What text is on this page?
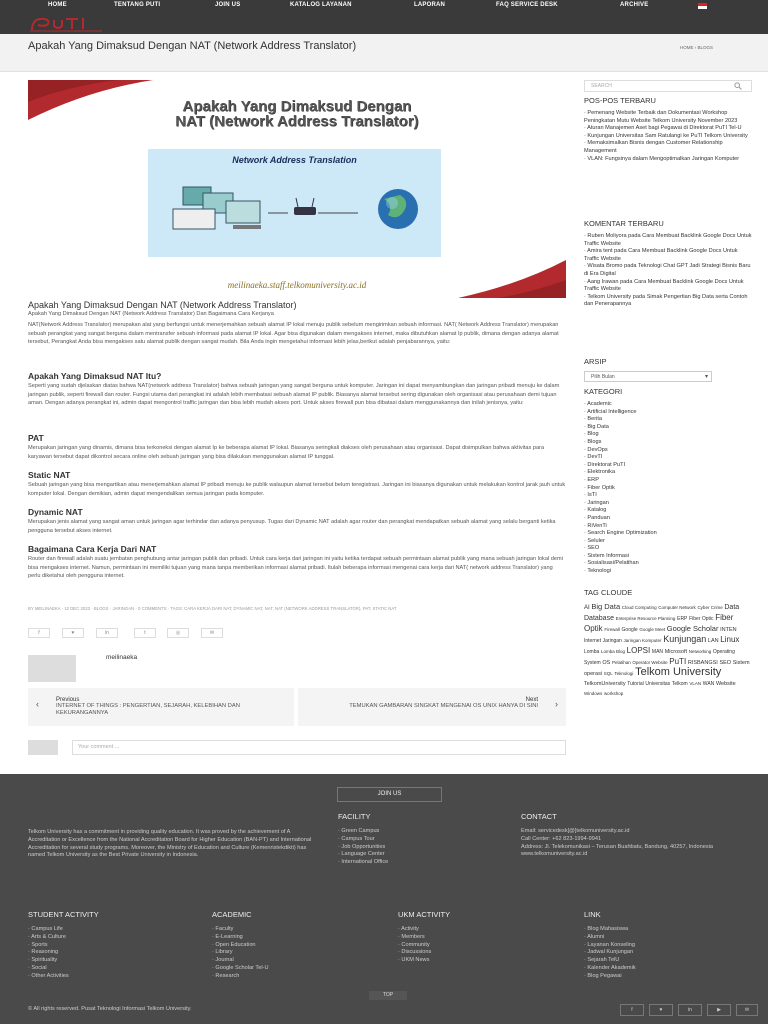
HOME	TENTANG PUTI	JOIN US	KATALOG LAYANAN	LAPORAN	FAQ SERVICE DESK	ARCHIVE
Apakah Yang Dimaksud Dengan NAT (Network Address Translator)	HOME › BLOGS
Apakah Yang Dimaksud Dengan
NAT (Network Address Translator)
Network Address Translation
meilinaeka.staff.telkomuniversity.ac.id
Apakah Yang Dimaksud Dengan NAT (Network Address Translator)
Apakah Yang Dimaksud Dengan NAT (Network Address Translator) Dan Bagaimana Cara Kerjanya
NAT(Network Address Translator) merupakan alat yang berfungsi untuk menerjemahkan sebuah alamat IP lokal menuju publik sebelum mengirimkan sebuah informasi. NAT( Network Address Translator) merupakan sebuah perangkat yang sangat berguna dalam mentransfer sebuah informasi pada alamat IP lokal. Agar bisa digunakan dalam mengakses internet, maka dibutuhkan alamat Ip publik, dimana dengan adanya alamat tersebut, Perangkat Anda bisa mengakses satu alamat publik dengan sangat mudah. Bila Anda ingin mengetahui informasi lebih jelas,berikut adalah penjabarannya, yaitu:
Apakah Yang Dimaksud NAT Itu?
Seperti yang sudah djelaskan diatas bahwa NAT(network address Translator) bahwa sebuah jaringan yang sangat berguna untuk komputer. Jaringan ini dapat menyambungkan dan jaringan pribadi menuju ke dalam jaringan publik, seperti firewall dan router. Fungsi utama dari perangkat ini adalah lebih membatasi sebuah alamat IP publik. Biasanya alamat tersebut sering digunakan oleh organisasi atau perusahaan demi tujuan aman. Dengan adanya perangkat ini, admin dapat mengontrol traffic jaringan dan bisa lebih mudah akses port. Untuk akses firewall pun bisa dibatasi dalam menggunakannya dan inilah jenisnya, yaitu:
PAT
Merupakan jaringan yang dinamis, dimana bisa terkoneksi dengan alamat Ip ke beberapa alamat IP lokal. Biasanya seringkali diakses oleh perusahaan atau organisasi. Dapat disimpulkan bahwa aktivitas para karyawan tersebut dapat dikontrol secara online oleh sebuah jaringan yang bisa dilakukan menggunakan alamat IP tunggal.
Static NAT
Sebuah jaringan yang bisa mengartikan atau menerjemahkan alamat IP pribadi menuju ke publik walaupun alamat tersebut belum teregistrasi. Jaringan ini biasanya digunakan untuk melakukan kontrol jarak jauh untuk komputer lokal. Dengan demikian, admin dapat mengendalikan semua jaringan pada komputer.
Dynamic NAT
Merupakan jenis alamat yang sangat aman untuk jaringan agar terhindar dan adanya penyusup. Tugas dari Dynamic NAT adalah agar router dan perangkat mendapatkan sebuah alamat yang selalu berganti ketika pengguna tersebut akses internet.
Bagaimana Cara Kerja Dari NAT
Router dan firewall adalah suatu jembatan penghubung antar jaringan publik dan pribadi. Untuk cara kerja dari jaringan ini yaitu ketika terdapat sebuah permintaan alamat publik yang mana sebuah jaringan lokal demi bisa mengakses internet. Namun, permintaan ini memiliki tujuan yang mana tanpa memberikan informasi alamat pribadi. Itulah beberapa informasi mengenai cara kerja dari NAT( network address Translator) yang perlu diketahui oleh pengguna internet.
BY MEILINAEKA · 12 DEC 2023 · BLOGS · JARINGAN · 0 COMMENTS · TAGS: CARA KERJA DARI NAT, DYNAMIC NAT, NAT, NAT (NETWORK ADDRESS TRANSLATOR), PAT, STATIC NAT
f	♥	in	t	◎	✉
meilinaeka
‹	Previous
INTERNET OF THINGS : PENGERTIAN, SEJARAH, KELEBIHAN DAN KEKURANGANNYA
Next
TEMUKAN GAMBARAN SINGKAT MENGENAI OS UNIX HANYA DI SINI ›
Your comment ...
SEARCH
POS-POS TERBARU
· Pemenang Website Terbaik dan Dokumentasi Workshop Peningkatan Mutu Website Telkom University November 2023
· Aturan Manajemen Aset bagi Pegawai di Direktorat PuTI Tel-U
· Kunjungan Universitas Sam Ratulangi ke PuTI Telkom University
· Memaksimalkan Bisnis dengan Customer Relationship Management
· VLAN: Fungsinya dalam Mengoptimalkan Jaringan Komputer
KOMENTAR TERBARU
· Ruben Moliyora pada Cara Membuat Backlink Google Docs Untuk Traffic Website
· Amira tent pada Cara Membuat Backlink Google Docs Untuk Traffic Website
· Wisata Bromo pada Teknologi Chat GPT Jadi Strategi Bisnis Baru di Era Digital
· Aang Irawan pada Cara Membuat Backlink Google Docs Untuk Traffic Website
· Telkom University pada Simak Pengertian Big Data serta Contoh dan Penerapannya
ARSIP
Pilih Bulan	▾
KATEGORI
· Academic
· Artificial Intelligence
· Berita
· Big Data
· Blog
· Blogs
· DevOps
· DevTI
· Direktorat PuTI
· Elektronika
· ERP
· Fiber Optik
· IsTI
· Jaringan
· Katalog
· Panduan
· RiVenTi
· Search Engine Optimization
· Seluler
· SEO
· Sistem Informasi
· Sosialisasi/Pelatihan
· Teknologi
TAG CLOUDE
AI Big Data Cloud Computing Computer Network Cyber Crime Data Database Enterprise Resource Planning ERP Fiber Optic Fiber Optik Firewall Google Google Meet Google Scholar INTEN Internet Jaringan Jaringan Komputer Kunjungan LAN Linux Lomba Lomba Blog LOPSI MAN Microsoft Networking Operating System OS Pelatihan Operator Website PuTI RISBANGSI SEO Sistem operasi SQL Teknologi Telkom University TelkomUniversity Tutorial Universitas Telkom VLAN WAN Website Windows workshop
JOIN US
Telkom University has a commitment in providing quality education. It was proved by the achievement of A Accreditation or Excellence from the National Accreditation Board for Higher Education (BAN-PT) and International Accreditation for several study programs. Moreover, the Ministry of Education and Culture (Kemenristekdikti) has named Telkom University as the Best Private University in Indonesia.
FACILITY
· Green Campus
· Campus Tour
· Job Opportunities
· Language Center
· International Office
CONTACT
Email: servicedesk[@]telkomuniversity.ac.id
Call Center: +62 823-1994-9941
Address: Jl. Telekomunikasi – Terusan Buahbatu, Bandung, 40257, Indonesia
www.telkomuniversity.ac.id
STUDENT ACTIVITY
· Campus Life
· Arts & Culture
· Sports
· Reasoning
· Spirituality
· Social
· Other Activities
ACADEMIC
· Faculty
· E-Learning
· Open Education
· Library
· Journal
· Google Scholar Tel-U
· Research
UKM ACTIVITY
· Activity
· Members
· Community
· Discussions
· UKM News
LINK
· Blog Mahasiswa
· Alumni
· Layanan Konseling
· Jadwal Kunjungan
· Sejarah TelU
· Kalender Akademik
· Blog Pegawai
TOP
© All rights reserved. Pusat Teknologi Informasi Telkom University.	f	♥	in	▶	✉
